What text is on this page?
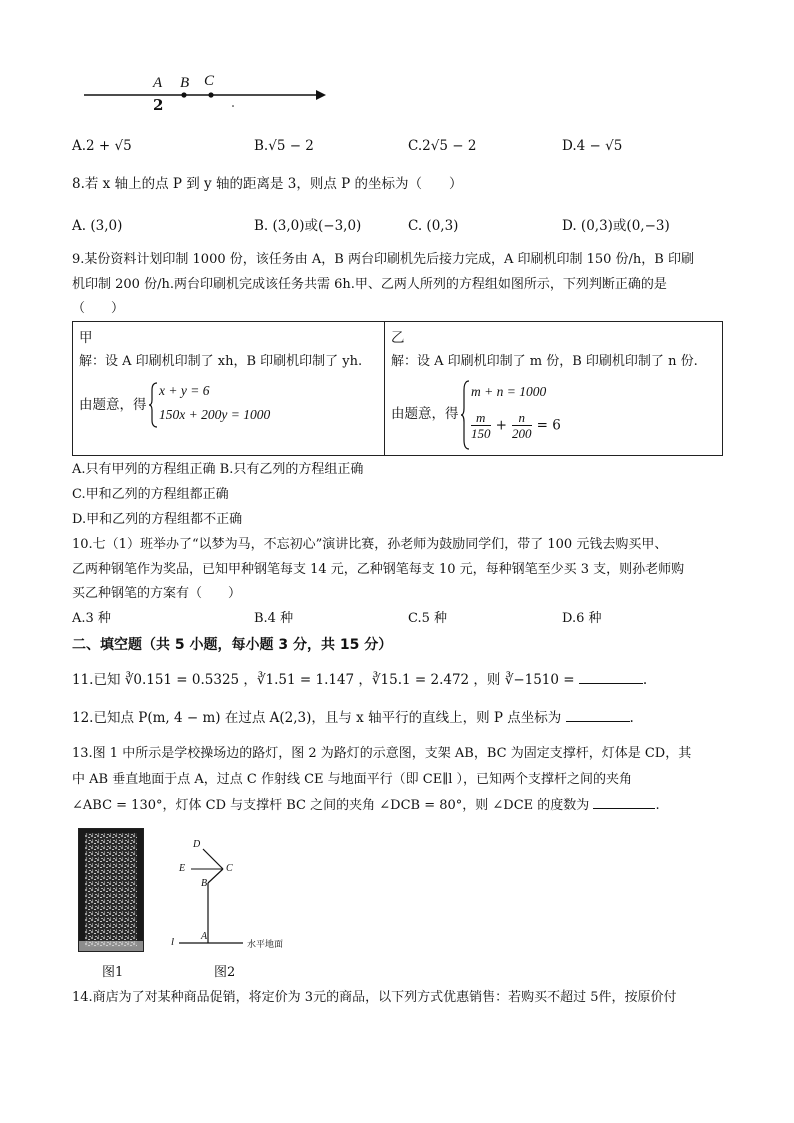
A B C
2
A.2 + √5	B.√5 − 2	C.2√5 − 2	D.4 − √5
8.若 x 轴上的点 P 到 y 轴的距离是 3，则点 P 的坐标为（　　）
A. (3,0)	B. (3,0)或(−3,0)	C. (0,3)	D. (0,3)或(0,−3)
9.某份资料计划印制 1000 份，该任务由 A，B 两台印刷机先后接力完成，A 印刷机印制 150 份/h，B 印刷
机印制 200 份/h.两台印刷机完成该任务共需 6h.甲、乙两人所列的方程组如图所示，下列判断正确的是
（　　）
甲
解：设 A 印刷机印制了 xh，B 印刷机印制了 yh.
由题意，得
x + y = 6
150x + 200y = 1000
乙
解：设 A 印刷机印制了 m 份，B 印刷机印制了 n 份.
由题意，得
m + n = 1000
$\frac{m}{150} + \frac{n}{200} = 6$
A.只有甲列的方程组正确 B.只有乙列的方程组正确
C.甲和乙列的方程组都正确
D.甲和乙列的方程组都不正确
10.七（1）班举办了“以梦为马，不忘初心”演讲比赛，孙老师为鼓励同学们，带了 100 元钱去购买甲、
乙两种钢笔作为奖品，已知甲种钢笔每支 14 元，乙种钢笔每支 10 元，每种钢笔至少买 3 支，则孙老师购
买乙种钢笔的方案有（　　）
A.3 种	B.4 种	C.5 种	D.6 种
二、填空题（共 5 小题，每小题 3 分，共 15 分）
11.已知 ∛0.151 = 0.5325 ，∛1.51 = 1.147 ，∛15.1 = 2.472 ，则 ∛−1510 =	.
12.已知点 P(m, 4 − m) 在过点 A(2,3)，且与 x 轴平行的直线上，则 P 点坐标为	.
13.图 1 中所示是学校操场边的路灯，图 2 为路灯的示意图，支架 AB，BC 为固定支撑杆，灯体是 CD，其
中 AB 垂直地面于点 A，过点 C 作射线 CE 与地面平行（即 CE∥l ），已知两个支撑杆之间的夹角
∠ABC = 130°，灯体 CD 与支撑杆 BC 之间的夹角 ∠DCB = 80°，则 ∠DCE 的度数为	.
图1
D
E	C
B
A
l	水平地面
图2
14.商店为了对某种商品促销，将定价为 3元的商品，以下列方式优惠销售：若购买不超过 5件，按原价付
